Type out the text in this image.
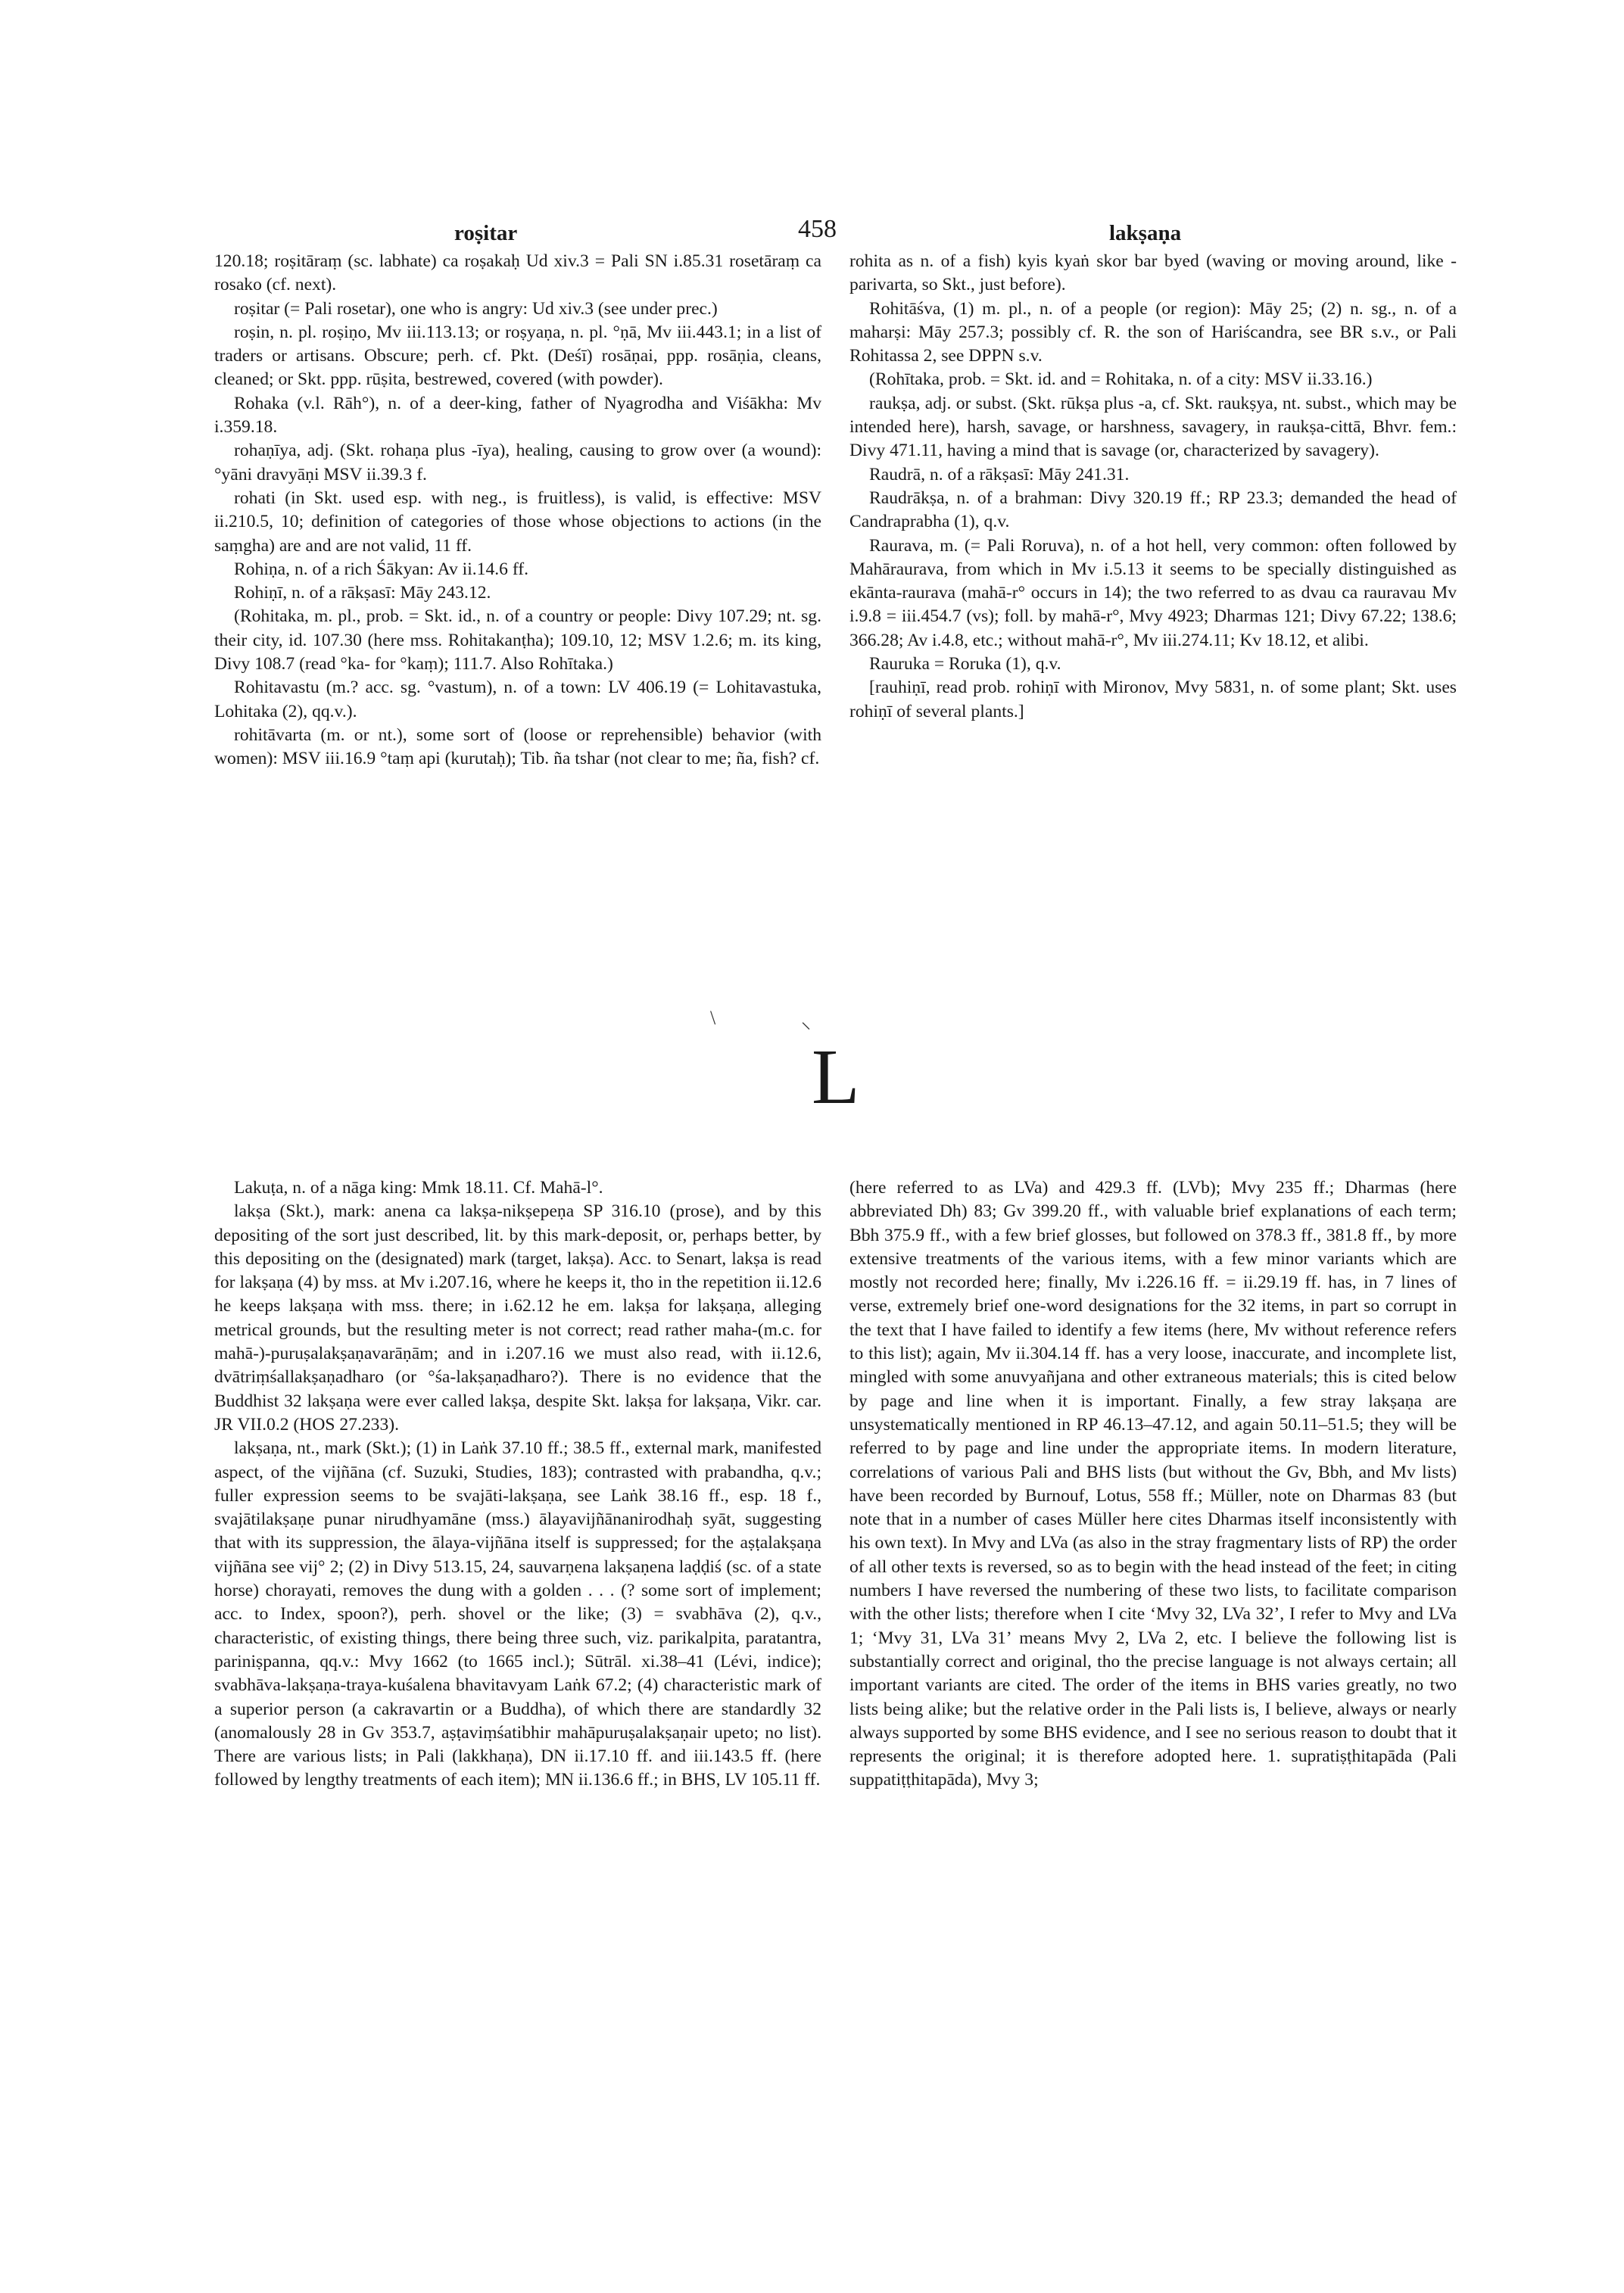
roṣitar	458	lakṣaṇa

120.18; roṣitāraṃ (sc. labhate) ca roṣakaḥ Ud xiv.3 = Pali SN i.85.31 rosetāraṃ ca rosako (cf. next).

roṣitar (= Pali rosetar), one who is angry: Ud xiv.3 (see under prec.)

roṣin, n. pl. roṣiṇo, Mv iii.113.13; or roṣyaṇa, n. pl. °ṇā, Mv iii.443.1; in a list of traders or artisans. Obscure; perh. cf. Pkt. (Deśī) rosāṇai, ppp. rosāṇia, cleans, cleaned; or Skt. ppp. rūṣita, bestrewed, covered (with powder).

Rohaka (v.l. Rāh°), n. of a deer-king, father of Nyagrodha and Viśākha: Mv i.359.18.

rohaṇīya, adj. (Skt. rohaṇa plus -īya), healing, causing to grow over (a wound): °yāni dravyāṇi MSV ii.39.3 f.

rohati (in Skt. used esp. with neg., is fruitless), is valid, is effective: MSV ii.210.5, 10; definition of categories of those whose objections to actions (in the saṃgha) are and are not valid, 11 ff.

Rohiṇa, n. of a rich Śākyan: Av ii.14.6 ff.

Rohiṇī, n. of a rākṣasī: Māy 243.12.

(Rohitaka, m. pl., prob. = Skt. id., n. of a country or people: Divy 107.29; nt. sg. their city, id. 107.30 (here mss. Rohitakanṭha); 109.10, 12; MSV 1.2.6; m. its king, Divy 108.7 (read °ka- for °kaṃ); 111.7. Also Rohītaka.)

Rohitavastu (m.? acc. sg. °vastum), n. of a town: LV 406.19 (= Lohitavastuka, Lohitaka (2), qq.v.).

rohitāvarta (m. or nt.), some sort of (loose or reprehensible) behavior (with women): MSV iii.16.9 °taṃ api (kurutaḥ); Tib. ña tshar (not clear to me; ña, fish? cf.

rohita as n. of a fish) kyis kyaṅ skor bar byed (waving or moving around, like -parivarta, so Skt., just before).

Rohitāśva, (1) m. pl., n. of a people (or region): Māy 25; (2) n. sg., n. of a maharṣi: Māy 257.3; possibly cf. R. the son of Hariścandra, see BR s.v., or Pali Rohitassa 2, see DPPN s.v.

(Rohītaka, prob. = Skt. id. and = Rohitaka, n. of a city: MSV ii.33.16.)

raukṣa, adj. or subst. (Skt. rūkṣa plus -a, cf. Skt. raukṣya, nt. subst., which may be intended here), harsh, savage, or harshness, savagery, in raukṣa-cittā, Bhvr. fem.: Divy 471.11, having a mind that is savage (or, characterized by savagery).

Raudrā, n. of a rākṣasī: Māy 241.31.

Raudrākṣa, n. of a brahman: Divy 320.19 ff.; RP 23.3; demanded the head of Candraprabha (1), q.v.

Raurava, m. (= Pali Roruva), n. of a hot hell, very common: often followed by Mahāraurava, from which in Mv i.5.13 it seems to be specially distinguished as ekānta-raurava (mahā-r° occurs in 14); the two referred to as dvau ca rauravau Mv i.9.8 = iii.454.7 (vs); foll. by mahā-r°, Mvy 4923; Dharmas 121; Divy 67.22; 138.6; 366.28; Av i.4.8, etc.; without mahā-r°, Mv iii.274.11; Kv 18.12, et alibi.

Rauruka = Roruka (1), q.v.

[rauhiṇī, read prob. rohiṇī with Mironov, Mvy 5831, n. of some plant; Skt. uses rohiṇī of several plants.]

\	⸜
L

Lakuṭa, n. of a nāga king: Mmk 18.11. Cf. Mahā-l°.

lakṣa (Skt.), mark: anena ca lakṣa-nikṣepeṇa SP 316.10 (prose), and by this depositing of the sort just described, lit. by this mark-deposit, or, perhaps better, by this depositing on the (designated) mark (target, lakṣa). Acc. to Senart, lakṣa is read for lakṣaṇa (4) by mss. at Mv i.207.16, where he keeps it, tho in the repetition ii.12.6 he keeps lakṣaṇa with mss. there; in i.62.12 he em. lakṣa for lakṣaṇa, alleging metrical grounds, but the resulting meter is not correct; read rather maha-(m.c. for mahā-)-puruṣalakṣaṇavarāṇām; and in i.207.16 we must also read, with ii.12.6, dvātriṃśallakṣaṇadharo (or °śa-lakṣaṇadharo?). There is no evidence that the Buddhist 32 lakṣaṇa were ever called lakṣa, despite Skt. lakṣa for lakṣaṇa, Vikr. car. JR VII.0.2 (HOS 27.233).

lakṣaṇa, nt., mark (Skt.); (1) in Laṅk 37.10 ff.; 38.5 ff., external mark, manifested aspect, of the vijñāna (cf. Suzuki, Studies, 183); contrasted with prabandha, q.v.; fuller expression seems to be svajāti-lakṣaṇa, see Laṅk 38.16 ff., esp. 18 f., svajātilakṣaṇe punar nirudhyamāne (mss.) ālayavijñānanirodhaḥ syāt, suggesting that with its suppression, the ālaya-vijñāna itself is suppressed; for the aṣṭalakṣaṇa vijñāna see vij° 2; (2) in Divy 513.15, 24, sauvarṇena lakṣaṇena laḍḍiś (sc. of a state horse) chorayati, removes the dung with a golden . . . (? some sort of implement; acc. to Index, spoon?), perh. shovel or the like; (3) = svabhāva (2), q.v., characteristic, of existing things, there being three such, viz. parikalpita, paratantra, pariniṣpanna, qq.v.: Mvy 1662 (to 1665 incl.); Sūtrāl. xi.38–41 (Lévi, indice); svabhāva-lakṣaṇa-traya-kuśalena bhavitavyam Laṅk 67.2; (4) characteristic mark of a superior person (a cakravartin or a Buddha), of which there are standardly 32 (anomalously 28 in Gv 353.7, aṣṭaviṃśatibhir mahāpuruṣalakṣaṇair upeto; no list). There are various lists; in Pali (lakkhaṇa), DN ii.17.10 ff. and iii.143.5 ff. (here followed by lengthy treatments of each item); MN ii.136.6 ff.; in BHS, LV 105.11 ff.

(here referred to as LVa) and 429.3 ff. (LVb); Mvy 235 ff.; Dharmas (here abbreviated Dh) 83; Gv 399.20 ff., with valuable brief explanations of each term; Bbh 375.9 ff., with a few brief glosses, but followed on 378.3 ff., 381.8 ff., by more extensive treatments of the various items, with a few minor variants which are mostly not recorded here; finally, Mv i.226.16 ff. = ii.29.19 ff. has, in 7 lines of verse, extremely brief one-word designations for the 32 items, in part so corrupt in the text that I have failed to identify a few items (here, Mv without reference refers to this list); again, Mv ii.304.14 ff. has a very loose, inaccurate, and incomplete list, mingled with some anuvyañjana and other extraneous materials; this is cited below by page and line when it is important. Finally, a few stray lakṣaṇa are unsystematically mentioned in RP 46.13–47.12, and again 50.11–51.5; they will be referred to by page and line under the appropriate items. In modern literature, correlations of various Pali and BHS lists (but without the Gv, Bbh, and Mv lists) have been recorded by Burnouf, Lotus, 558 ff.; Müller, note on Dharmas 83 (but note that in a number of cases Müller here cites Dharmas itself inconsistently with his own text). In Mvy and LVa (as also in the stray fragmentary lists of RP) the order of all other texts is reversed, so as to begin with the head instead of the feet; in citing numbers I have reversed the numbering of these two lists, to facilitate comparison with the other lists; therefore when I cite ‘Mvy 32, LVa 32’, I refer to Mvy and LVa 1; ‘Mvy 31, LVa 31’ means Mvy 2, LVa 2, etc. I believe the following list is substantially correct and original, tho the precise language is not always certain; all important variants are cited. The order of the items in BHS varies greatly, no two lists being alike; but the relative order in the Pali lists is, I believe, always or nearly always supported by some BHS evidence, and I see no serious reason to doubt that it represents the original; it is therefore adopted here. 1. supratiṣṭhitapāda (Pali suppatiṭṭhitapāda), Mvy 3;
